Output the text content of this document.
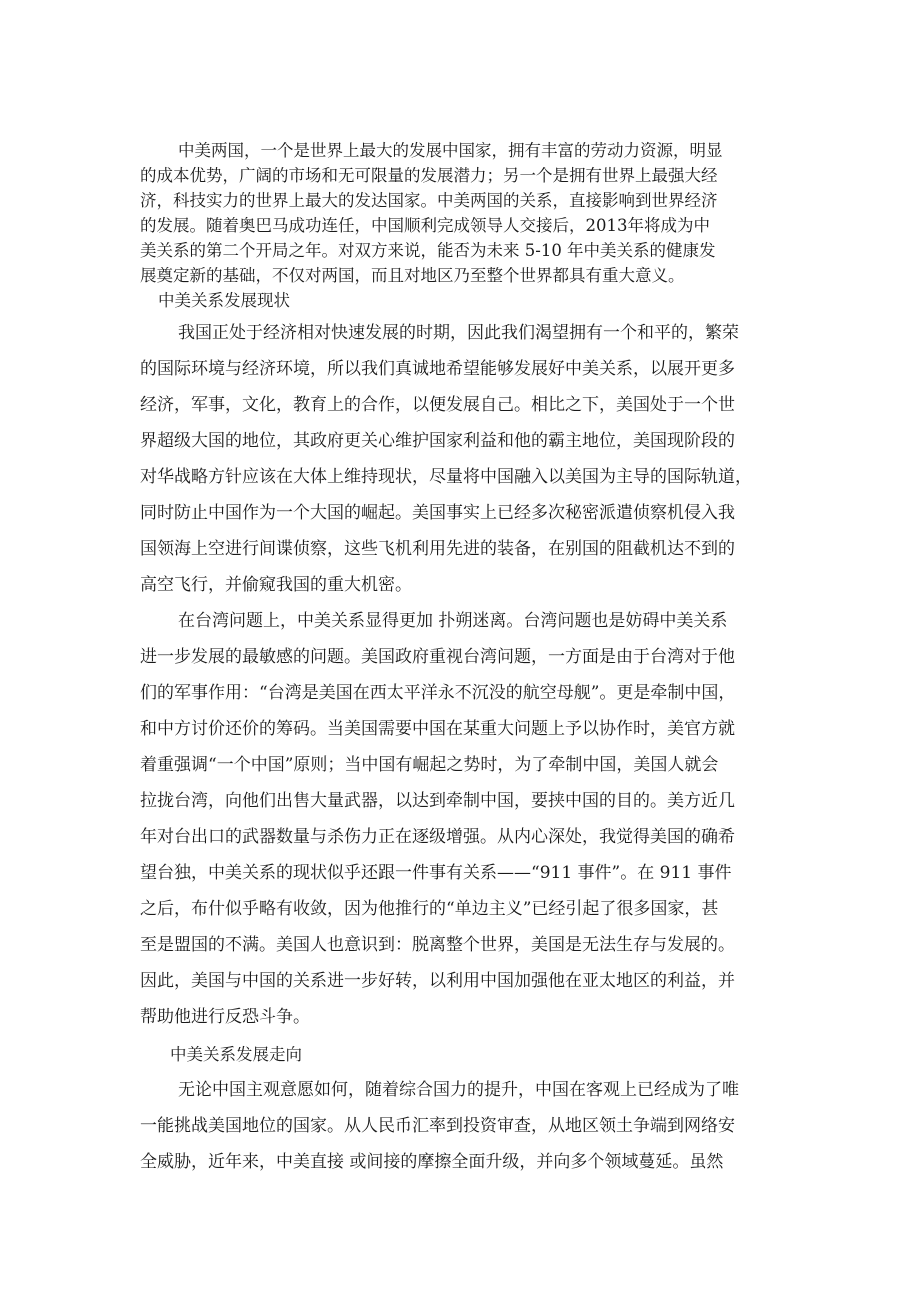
中美两国，一个是世界上最大的发展中国家，拥有丰富的劳动力资源，明显

的成本优势，广阔的市场和无可限量的发展潜力；另一个是拥有世界上最强大经

济，科技实力的世界上最大的发达国家。中美两国的关系，直接影响到世界经济

的发展。随着奥巴马成功连任，中国顺利完成领导人交接后，2013年将成为中

美关系的第二个开局之年。对双方来说，能否为未来 5-10 年中美关系的健康发

展奠定新的基础，不仅对两国，而且对地区乃至整个世界都具有重大意义。

中美关系发展现状

我国正处于经济相对快速发展的时期，因此我们渴望拥有一个和平的，繁荣

的国际环境与经济环境，所以我们真诚地希望能够发展好中美关系，以展开更多

经济，军事，文化，教育上的合作，以便发展自己。相比之下，美国处于一个世

界超级大国的地位，其政府更关心维护国家利益和他的霸主地位，美国现阶段的

对华战略方针应该在大体上维持现状，尽量将中国融入以美国为主导的国际轨道，

同时防止中国作为一个大国的崛起。美国事实上已经多次秘密派遣侦察机侵入我

国领海上空进行间谍侦察，这些飞机利用先进的装备，在别国的阻截机达不到的

高空飞行，并偷窥我国的重大机密。

在台湾问题上，中美关系显得更加 扑朔迷离。台湾问题也是妨碍中美关系

进一步发展的最敏感的问题。美国政府重视台湾问题，一方面是由于台湾对于他

们的军事作用：“台湾是美国在西太平洋永不沉没的航空母舰”。更是牵制中国，

和中方讨价还价的筹码。当美国需要中国在某重大问题上予以协作时，美官方就

着重强调“一个中国”原则；当中国有崛起之势时，为了牵制中国，美国人就会

拉拢台湾，向他们出售大量武器，以达到牵制中国，要挟中国的目的。美方近几

年对台出口的武器数量与杀伤力正在逐级增强。从内心深处，我觉得美国的确希

望台独，中美关系的现状似乎还跟一件事有关系——“911 事件”。在 911 事件

之后，布什似乎略有收敛，因为他推行的“单边主义”已经引起了很多国家，甚

至是盟国的不满。美国人也意识到：脱离整个世界，美国是无法生存与发展的。

因此，美国与中国的关系进一步好转，以利用中国加强他在亚太地区的利益，并

帮助他进行反恐斗争。

中美关系发展走向

无论中国主观意愿如何，随着综合国力的提升，中国在客观上已经成为了唯

一能挑战美国地位的国家。从人民币汇率到投资审查，从地区领土争端到网络安

全威胁，近年来，中美直接 或间接的摩擦全面升级，并向多个领域蔓延。虽然
